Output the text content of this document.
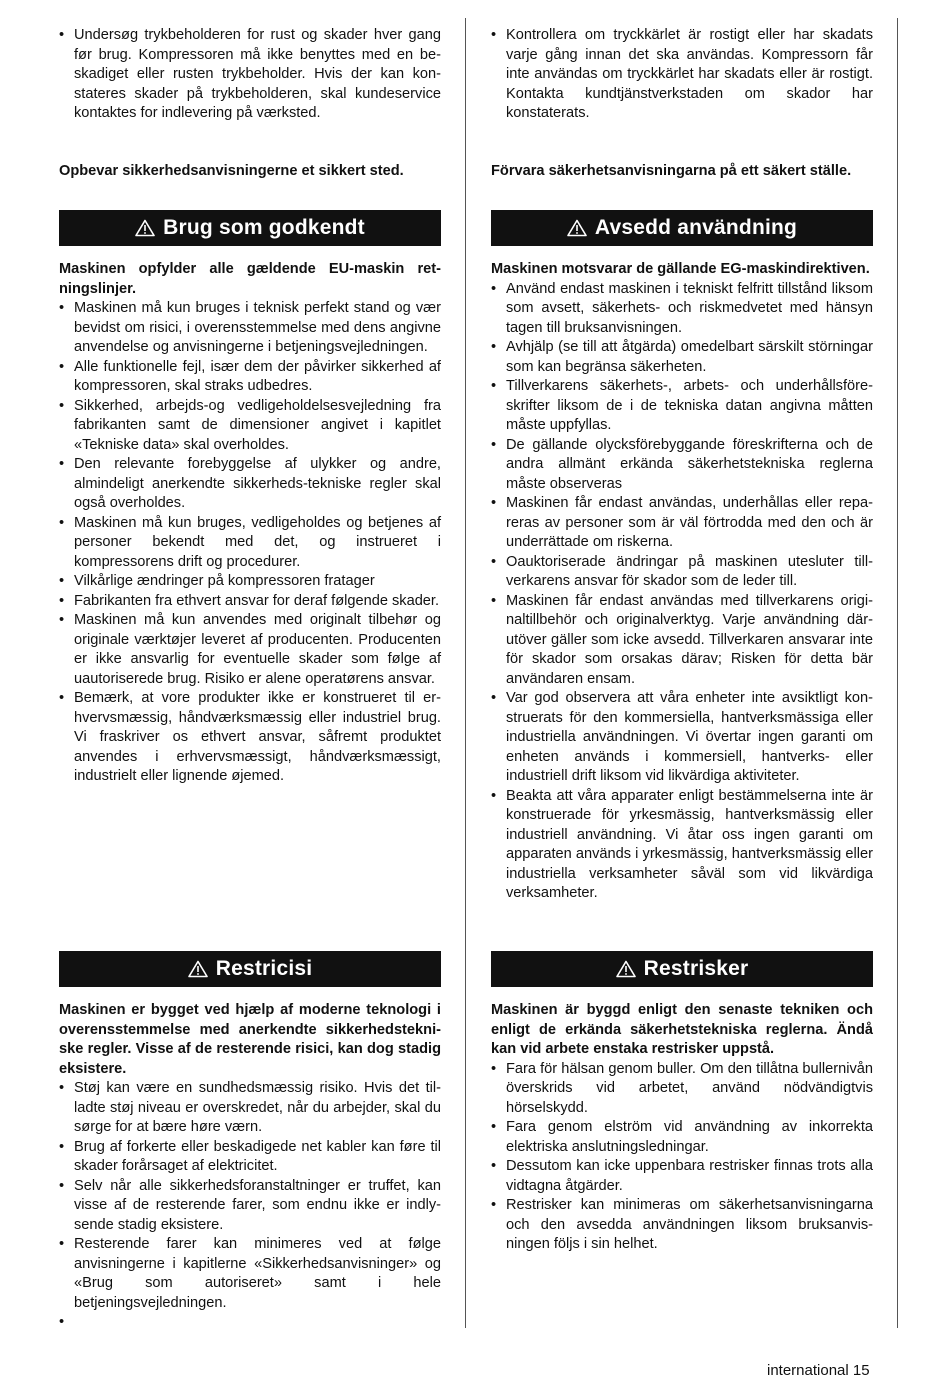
• Undersøg trykbeholderen for rust og skader hver gang før brug. Kompressoren må ikke benyttes med en beskadiget eller rusten trykbeholder. Hvis der kan konstateres skader på trykbeholderen, skal kundeservice kontaktes for indlevering på værksted.

Opbevar sikkerhedsanvisningerne et sikkert sted.

Brug som godkendt

Maskinen opfylder alle gældende EU-maskin retningslinjer.

• Maskinen må kun bruges i teknisk perfekt stand og vær bevidst om risici, i overensstemmelse med dens angivne anvendelse og anvisningerne i betjeningsvejledningen.
• Alle funktionelle fejl, især dem der påvirker sikkerhed af kompressoren, skal straks udbedres.
• Sikkerhed, arbejds-og vedligeholdelsesvejledning fra fabrikanten samt de dimensioner angivet i kapitlet «Tekniske data» skal overholdes.
• Den relevante forebyggelse af ulykker og andre, almindeligt anerkendte sikkerheds-tekniske regler skal også overholdes.
• Maskinen må kun bruges, vedligeholdes og betjenes af personer bekendt med det, og instrueret i kompressorens drift og procedurer.
• Vilkårlige ændringer på kompressoren fratager
• Fabrikanten fra ethvert ansvar for deraf følgende skader.
• Maskinen må kun anvendes med originalt tilbehør og originale værktøjer leveret af producenten. Producenten er ikke ansvarlig for eventuelle skader som følge af uautoriserede brug. Risiko er alene operatørens ansvar.
• Bemærk, at vore produkter ikke er konstrueret til erhvervsmæssig, håndværksmæssig eller industriel brug. Vi fraskriver os ethvert ansvar, såfremt produktet anvendes i erhvervsmæssigt, håndværksmæssigt, industrielt eller lignende øjemed.
Restricisi

Maskinen er bygget ved hjælp af moderne teknologi i overensstemmelse med anerkendte sikkerhedstekniske regler. Visse af de resterende risici, kan dog stadig eksistere.

• Støj kan være en sundhedsmæssig risiko. Hvis det tilladte støj niveau er overskredet, når du arbejder, skal du sørge for at bære høre værn.
• Brug af forkerte eller beskadigede net kabler kan føre til skader forårsaget af elektricitet.
• Selv når alle sikkerhedsforanstaltninger er truffet, kan visse af de resterende farer, som endnu ikke er indlysende stadig eksistere.
• Resterende farer kan minimeres ved at følge anvisningerne i kapitlerne «Sikkerhedsanvisninger» og «Brug som autoriseret» samt i hele betjeningsvejledningen.
•
• Kontrollera om tryckkärlet är rostigt eller har skadats varje gång innan det ska användas. Kompressorn får inte användas om tryckkärlet har skadats eller är rostigt. Kontakta kundtjänstverkstaden om skador har konstaterats.

Förvara säkerhetsanvisningarna på ett säkert ställe.

Avsedd användning

Maskinen motsvarar de gällande EG-maskindirektiven.

• Använd endast maskinen i tekniskt felfritt tillstånd liksom som avsett, säkerhets- och riskmedvetet med hänsyn tagen till bruksanvisningen.
• Avhjälp (se till att åtgärda) omedelbart särskilt störningar som kan begränsa säkerheten.
• Tillverkarens säkerhets-, arbets- och underhållsföreskrifter liksom de i de tekniska datan angivna måtten måste uppfyllas.
• De gällande olycksförebyggande föreskrifterna och de andra allmänt erkända säkerhetstekniska reglerna måste observeras
• Maskinen får endast användas, underhållas eller repareras av personer som är väl förtrodda med den och är underrättade om riskerna.
• Oauktoriserade ändringar på maskinen utesluter tillverkarens ansvar för skador som de leder till.
• Maskinen får endast användas med tillverkarens originaltillbehör och originalverktyg. Varje användning därutöver gäller som icke avsedd. Tillverkaren ansvarar inte för skador som orsakas därav; Risken för detta bär användaren ensam.
• Var god observera att våra enheter inte avsiktligt konstruerats för den kommersiella, hantverksmässiga eller industriella användningen. Vi övertar ingen garanti om enheten används i kommersiell, hantverks- eller industriell drift liksom vid likvärdiga aktiviteter.
• Beakta att våra apparater enligt bestämmelserna inte är konstruerade för yrkesmässig, hantverksmässig eller industriell användning. Vi åtar oss ingen garanti om apparaten används i yrkesmässig, hantverksmässig eller industriella verksamheter såväl som vid likvärdiga verksamheter.
Restrisker

Maskinen är byggd enligt den senaste tekniken och enligt de erkända säkerhetstekniska reglerna. Ändå kan vid arbete enstaka restrisker uppstå.

• Fara för hälsan genom buller. Om den tillåtna bullernivån överskrids vid arbetet, använd nödvändigtvis hörselskydd.
• Fara genom elström vid användning av inkorrekta elektriska anslutningsledningar.
• Dessutom kan icke uppenbara restrisker finnas trots alla vidtagna åtgärder.
• Restrisker kan minimeras om säkerhetsanvisningarna och den avsedda användningen liksom bruksanvisningen följs i sin helhet.
international 15
